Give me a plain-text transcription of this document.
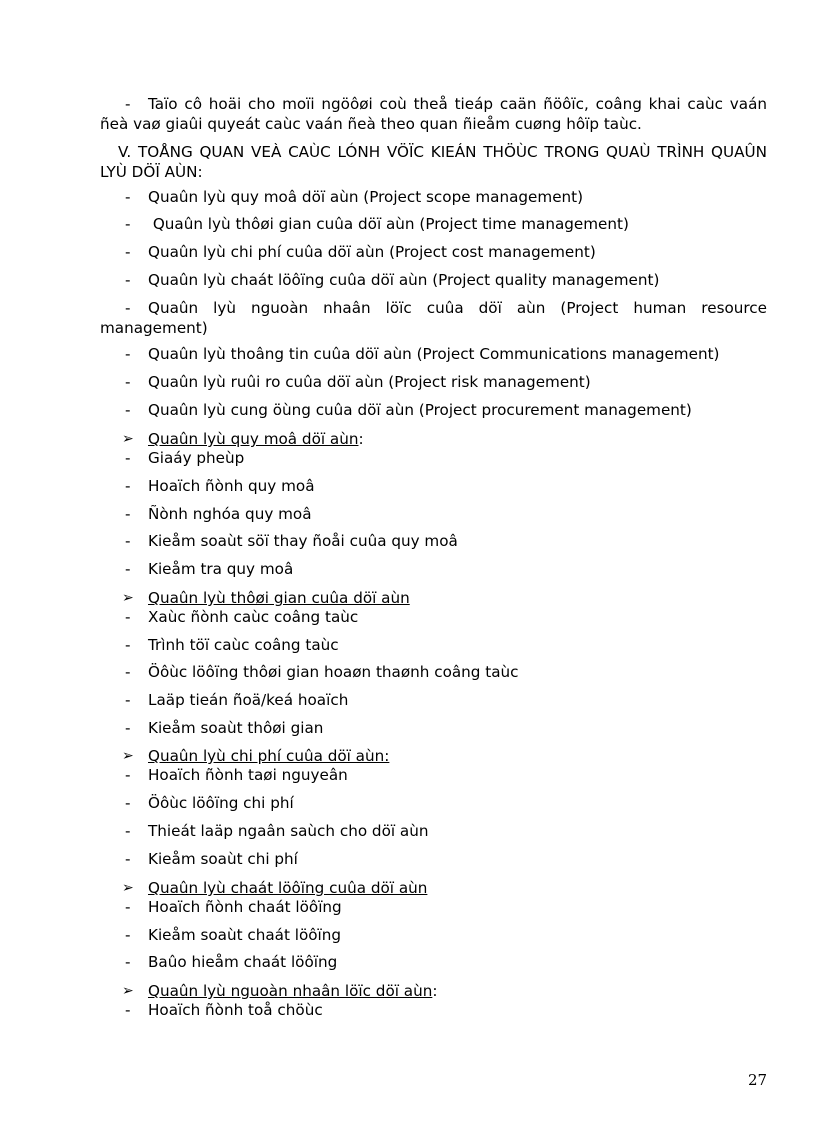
-	Taïo cô hoäi cho moïi ngöôøi coù theå tieáp caän ñöôïc, coâng khai caùc vaán ñeà vaø giaûi quyeát caùc vaán ñeà theo quan ñieåm cuøng hôïp taùc.
V. TOÅNG QUAN VEÀ CAÙC LÓNH VÖÏC KIEÁN THÖÙC TRONG QUAÙ TRÌNH QUAÛN LYÙ DÖÏ AÙN:
- Quaûn lyù quy moâ döï aùn (Project scope management)
- Quaûn lyù thôøi gian cuûa döï aùn (Project time management)
- Quaûn lyù chi phí cuûa döï aùn (Project cost management)
- Quaûn lyù chaát löôïng cuûa döï aùn (Project quality management)
-	Quaûn lyù nguoàn nhaân löïc cuûa döï aùn (Project human resource management)
- Quaûn lyù thoâng tin cuûa döï aùn (Project Communications management)
- Quaûn lyù ruûi ro cuûa döï aùn (Project risk management)
- Quaûn lyù cung öùng cuûa döï aùn (Project procurement management)
➢ Quaûn lyù quy moâ döï aùn:
- Giaáy pheùp
- Hoaïch ñònh quy moâ
- Ñònh nghóa quy moâ
- Kieåm soaùt söï thay ñoåi cuûa quy moâ
- Kieåm tra quy moâ
➢ Quaûn lyù thôøi gian cuûa döï aùn
- Xaùc ñònh caùc coâng taùc
- Trình töï caùc coâng taùc
- Öôùc löôïng thôøi gian hoaøn thaønh coâng taùc
- Laäp tieán ñoä/keá hoaïch
- Kieåm soaùt thôøi gian
➢ Quaûn lyù chi phí cuûa döï aùn:
- Hoaïch ñònh taøi nguyeân
- Öôùc löôïng chi phí
- Thieát laäp ngaân saùch cho döï aùn
- Kieåm soaùt chi phí
➢ Quaûn lyù chaát löôïng cuûa döï aùn
- Hoaïch ñònh chaát löôïng
- Kieåm soaùt chaát löôïng
- Baûo hieåm chaát löôïng
➢ Quaûn lyù nguoàn nhaân löïc döï aùn:
- Hoaïch ñònh toå chöùc
27
